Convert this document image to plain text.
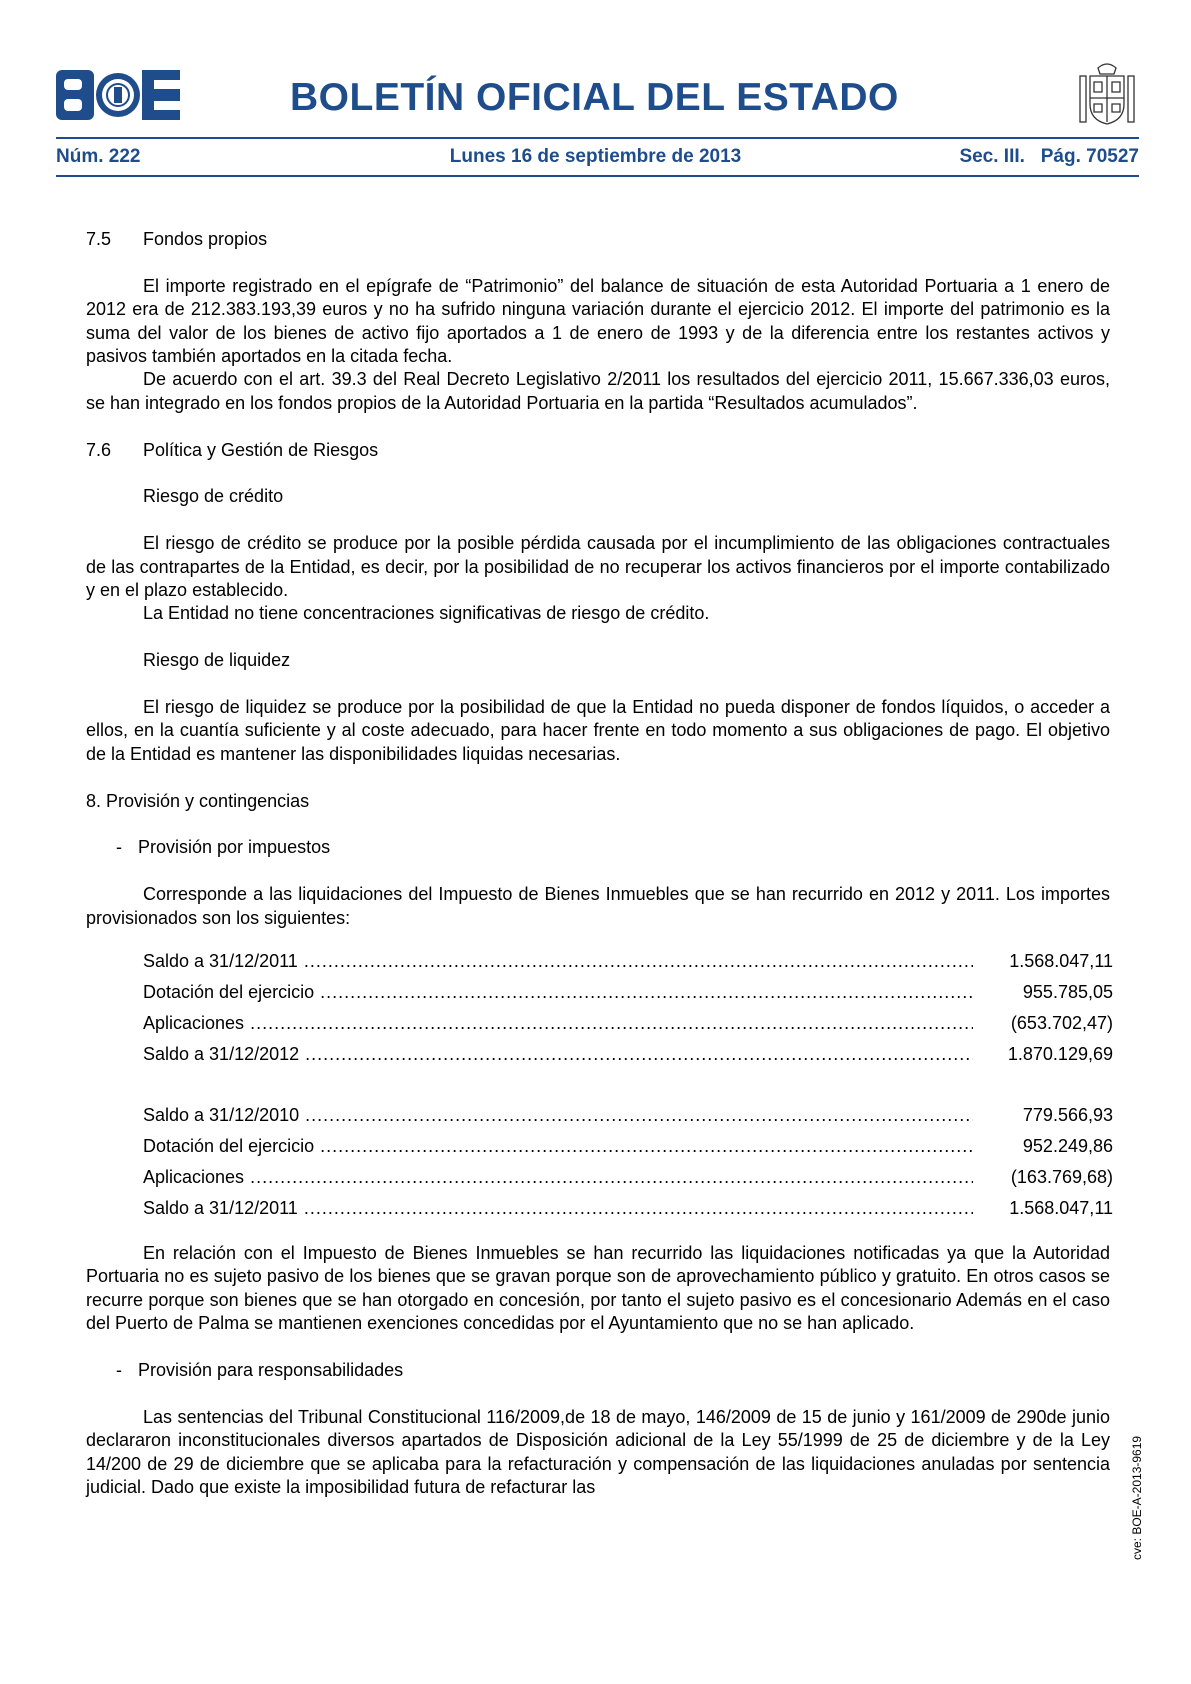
BOLETÍN OFICIAL DEL ESTADO
Núm. 222	Lunes 16 de septiembre de 2013	Sec. III.   Pág. 70527
7.5	Fondos propios

El importe registrado en el epígrafe de “Patrimonio” del balance de situación de esta Autoridad Portuaria a 1 enero de 2012 era de 212.383.193,39 euros y no ha sufrido ninguna variación durante el ejercicio 2012. El importe del patrimonio es la suma del valor de los bienes de activo fijo aportados a 1 de enero de 1993 y de la diferencia entre los restantes activos y pasivos también aportados en la citada fecha.

De acuerdo con el art. 39.3 del Real Decreto Legislativo 2/2011 los resultados del ejercicio 2011, 15.667.336,03 euros, se han integrado en los fondos propios de la Autoridad Portuaria en la partida “Resultados acumulados”.

7.6	Política y Gestión de Riesgos

Riesgo de crédito

El riesgo de crédito se produce por la posible pérdida causada por el incumplimiento de las obligaciones contractuales de las contrapartes de la Entidad, es decir, por la posibilidad de no recuperar los activos financieros por el importe contabilizado y en el plazo establecido.

La Entidad no tiene concentraciones significativas de riesgo de crédito.

Riesgo de liquidez

El riesgo de liquidez se produce por la posibilidad de que la Entidad no pueda disponer de fondos líquidos, o acceder a ellos, en la cuantía suficiente y al coste adecuado, para hacer frente en todo momento a sus obligaciones de pago. El objetivo de la Entidad es mantener las disponibilidades liquidas necesarias.

8. Provisión y contingencias

- Provisión por impuestos

Corresponde a las liquidaciones del Impuesto de Bienes Inmuebles que se han recurrido en 2012 y 2011. Los importes provisionados son los siguientes:

Saldo a 31/12/2011 .....	1.568.047,11
Dotación del ejercicio .....	955.785,05
Aplicaciones .....	(653.702,47)
Saldo a 31/12/2012 .....	1.870.129,69
Saldo a 31/12/2010 .....	779.566,93
Dotación del ejercicio .....	952.249,86
Aplicaciones .....	(163.769,68)
Saldo a 31/12/2011 .....	1.568.047,11

En relación con el Impuesto de Bienes Inmuebles se han recurrido las liquidaciones notificadas ya que la Autoridad Portuaria no es sujeto pasivo de los bienes que se gravan porque son de aprovechamiento público y gratuito. En otros casos se recurre porque son bienes que se han otorgado en concesión, por tanto el sujeto pasivo es el concesionario Además en el caso del Puerto de Palma se mantienen exenciones concedidas por el Ayuntamiento que no se han aplicado.

- Provisión para responsabilidades

Las sentencias del Tribunal Constitucional 116/2009,de 18 de mayo, 146/2009 de 15 de junio y 161/2009 de 290de junio declararon inconstitucionales diversos apartados de Disposición adicional de la Ley 55/1999 de 25 de diciembre y de la Ley 14/200 de 29 de diciembre que se aplicaba para la refacturación y compensación de las liquidaciones anuladas por sentencia judicial. Dado que existe la imposibilidad futura de refacturar las	cve: BOE-A-2013-9619
